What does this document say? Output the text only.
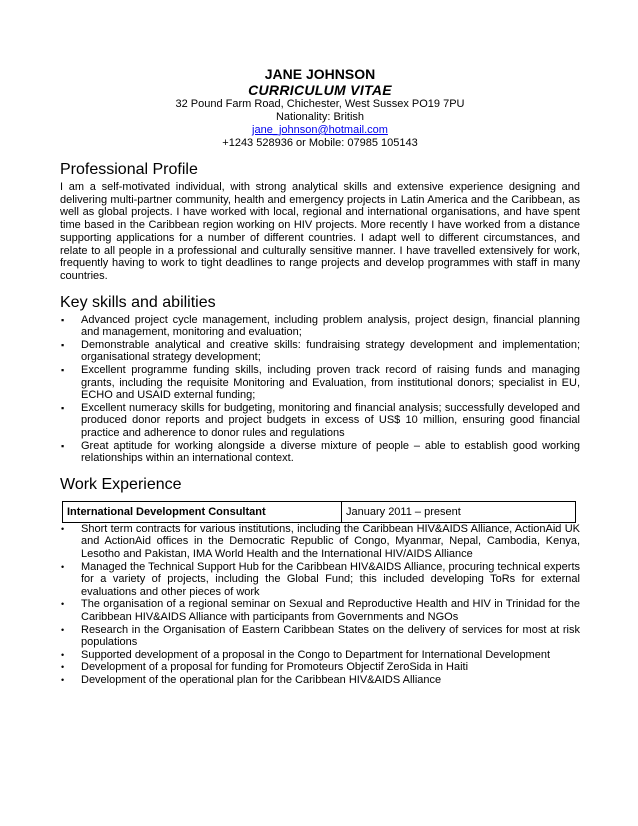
JANE JOHNSON
CURRICULUM VITAE
32 Pound Farm Road, Chichester, West Sussex PO19 7PU
Nationality: British
jane_johnson@hotmail.com
+1243 528936 or Mobile: 07985 105143
Professional Profile

I am a self-motivated individual, with strong analytical skills and extensive experience designing and delivering multi-partner community, health and emergency projects in Latin America and the Caribbean, as well as global projects. I have worked with local, regional and international organisations, and have spent time based in the Caribbean region working on HIV projects. More recently I have worked from a distance supporting applications for a number of different countries. I adapt well to different circumstances, and relate to all people in a professional and culturally sensitive manner. I have travelled extensively for work, frequently having to work to tight deadlines to range projects and develop programmes with staff in many countries.

Key skills and abilities
▪ Advanced project cycle management, including problem analysis, project design, financial planning and management, monitoring and evaluation;
▪ Demonstrable analytical and creative skills: fundraising strategy development and implementation; organisational strategy development;
▪ Excellent programme funding skills, including proven track record of raising funds and managing grants, including the requisite Monitoring and Evaluation, from institutional donors; specialist in EU, ECHO and USAID external funding;
▪ Excellent numeracy skills for budgeting, monitoring and financial analysis; successfully developed and produced donor reports and project budgets in excess of US$ 10 million, ensuring good financial practice and adherence to donor rules and regulations
▪ Great aptitude for working alongside a diverse mixture of people – able to establish good working relationships within an international context.
Work Experience
International Development Consultant	January 2011 – present
• Short term contracts for various institutions, including the Caribbean HIV&AIDS Alliance, ActionAid UK and ActionAid offices in the Democratic Republic of Congo, Myanmar, Nepal, Cambodia, Kenya, Lesotho and Pakistan, IMA World Health and the International HIV/AIDS Alliance
• Managed the Technical Support Hub for the Caribbean HIV&AIDS Alliance, procuring technical experts for a variety of projects, including the Global Fund; this included developing ToRs for external evaluations and other pieces of work
• The organisation of a regional seminar on Sexual and Reproductive Health and HIV in Trinidad for the Caribbean HIV&AIDS Alliance with participants from Governments and NGOs
• Research in the Organisation of Eastern Caribbean States on the delivery of services for most at risk populations
• Supported development of a proposal in the Congo to Department for International Development
• Development of a proposal for funding for Promoteurs Objectif ZeroSida in Haiti
• Development of the operational plan for the Caribbean HIV&AIDS Alliance
